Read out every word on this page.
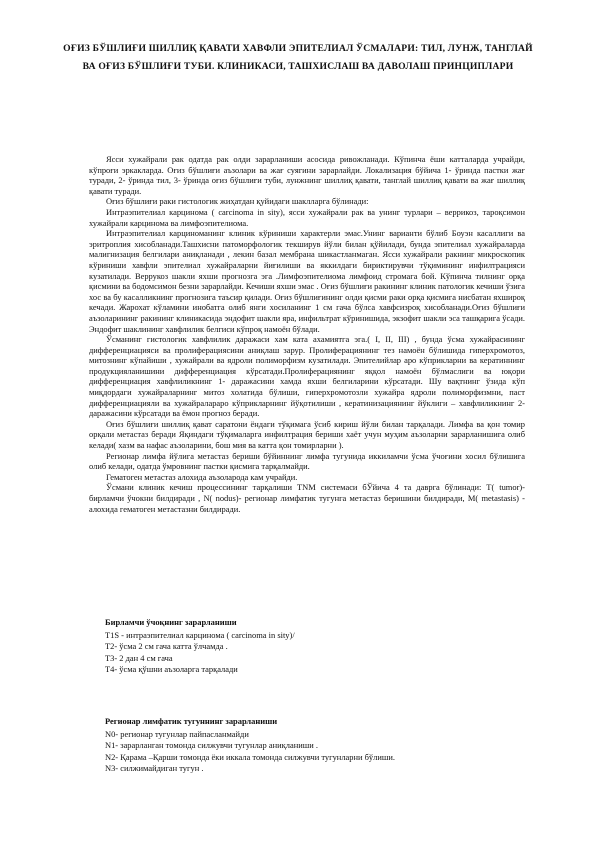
ОҒИЗ БЎШЛИҒИ ШИЛЛИҚ ҚАВАТИ ХАВФЛИ ЭПИТЕЛИАЛ ЎСМАЛАРИ: ТИЛ, ЛУНЖ, ТАНГЛАЙ ВА ОҒИЗ БЎШЛИҒИ ТУБИ. КЛИНИКАСИ, ТАШХИСЛАШ ВА ДАВОЛАШ ПРИНЦИПЛАРИ

Ясси хужайрали рак одатда рак олди зарарланиши асосида ривожланади. Кўпинча ёши катталарда учрайди, кўпроғи эркакларда. Оғиз бўшлиғи аъзолари ва жағ суягини зарарлайди. Локализация бўйича 1- ўринда пастки жағ туради, 2- ўринда тил, 3- ўринда оғиз бўшлиғи туби, лунжнинг шиллиқ қавати, танглай шиллиқ қавати ва жағ шиллиқ қавати туради.

Оғиз бўшлиғи раки гистологик жиҳатдан қуйидаги шаклларга бўлинади:

Интраэпителиал карцинома ( carcinoma in sity), ясси хужайрали рак ва унинг турлари – веррикоз, тароқсимон хужайрали карцинома ва лимфоэпителиома.

Интраэпителиал карциноманинг клиник кўриниши характерли эмас.Унинг варианти бўлиб Боуэн касаллиги ва эритроплия хисобланади.Ташхисни патоморфологик текширув йўли билан қўйилади, бунда эпителиал хужайраларда малигнизация белгилари аниқланади , лекин базал мембрана шикастланмаган. Ясси хужайрали ракнинг микроскопик кўриниши хавфли эпителиал хужайраларни йиғилиши ва яккилдаги бириктирувчи тўқимининг инфилтрацияси кузатилади. Веррукоз шакли яхши прогнозга эга .Лимфоэпителиома лимфоид стромага бой. Кўпинча тилнинг орқа қисмини ва бодомсимон безни зарарлайди. Кечиши яхши эмас . Оғиз бўшлиғи ракининг клиник патологик кечиши ўзига хос ва бу касалликнинг прогнозига таъсир қилади. Оғиз бўшлиғининг олди қисми раки орқа қисмига нисбатан яхшироқ кечади. Жарохат кўламини инобатга олиб янги хосиланинг 1 см гача бўлса хавфсизроқ хисобланади.Оғиз бўшлиғи аъзоларининг ракининг клиникасида эндофит шакли яра, инфильтрат кўринишида, экзофит шакли эса ташқарига ўсади. Эндофит шаклининг хавфлилик белгиси кўпроқ намоён бўлади.

Ўсманинг гистологик хавфлилик даражаси хам ката ахамиятга эга.( I, II, III) , бунда ўсма хужайрасининг дифференциацияси ва пролиферациясини аниқлаш зарур. Пролиферациянинг тез намоён бўлишида гиперхромотоз, митознинг кўпайиши , хужайрали ва ядроли полиморфизм кузатилади. Эпителийлар аро кўприкларни ва кератиннинг продукцияланишини дифференциация кўрсатади.Пролиферациянинг яққол намоён бўлмаслиги ва юқори дифференциация хавфлиликнинг 1- даражасини хамда яхши белгиларини кўрсатади. Шу вақтнинг ўзида кўп миқдордаги хужайраларнинг митоз холатида бўлиши, гиперхромотозли хужайра ядроли полиморфизмни, паст дифференциацияли ва хужайралараро кўприкларнинг йўқотилиши , кератинизациянинг йўклиги – хавфлиликнинг 2- даражасини кўрсатади ва ёмон прогноз беради.

Оғиз бўшлиғи шиллиқ қават саратони ёндаги тўқимага ўсиб кириш йўли билан тарқалади. Лимфа ва қон томир орқали метастаз беради Яқиндаги тўқималарга инфилтрация бериши хаёт учун муҳим аъзоларни зарарланишига олиб келади( хазм ва нафас аъзоларини, бош мия ва катта қон томирларни ).

Регионар лимфа йўлига метастаз бериши бўйиннинг лимфа тугунида иккиламчи ўсма ўчоғини хосил бўлишига олиб келади, одатда ўмровнинг пастки қисмига тарқалмайди.

Гематоген метастаз алохида аъзоларода кам учрайди.

Ўсмани клиник кечиш процессининг тарқалиши TNM системаси бЎйича 4 та даврга бўлинади: T( tumor)- бирламчи ўчокни билдиради , N( nodus)- регионар лимфатик тугунга метастаз беришини билдиради, M( metastasis) - алохида гематоген метастазни билдиради.

Бирламчи ўчоқнинг зарарланиши
T1S - интраэпителиал карцинома ( carcinoma in sity)/
T2- ўсма 2 см гача катта ўлчамда .
T3- 2 дан 4 см гача
T4- ўсма қўшни аъзоларга тарқалади
Регионар лимфатик тугуннинг зарарланиши
N0- регионар тугунлар пайпасланмайди
N1- зарарланган томонда силжувчи тугунлар аниқланиши .
N2- Қарама –Қарши томонда ёки иккала томонда силжувчи тугунларни бўлиши.
N3- силжимайдиган тугун .
